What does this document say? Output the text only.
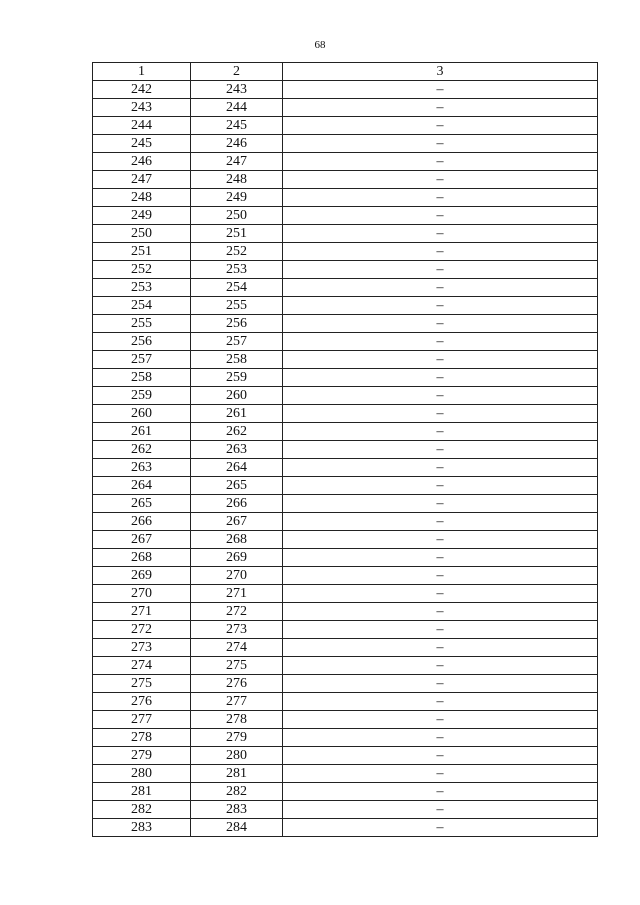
68
1	2	3
242	243	–
243	244	–
244	245	–
245	246	–
246	247	–
247	248	–
248	249	–
249	250	–
250	251	–
251	252	–
252	253	–
253	254	–
254	255	–
255	256	–
256	257	–
257	258	–
258	259	–
259	260	–
260	261	–
261	262	–
262	263	–
263	264	–
264	265	–
265	266	–
266	267	–
267	268	–
268	269	–
269	270	–
270	271	–
271	272	–
272	273	–
273	274	–
274	275	–
275	276	–
276	277	–
277	278	–
278	279	–
279	280	–
280	281	–
281	282	–
282	283	–
283	284	–
